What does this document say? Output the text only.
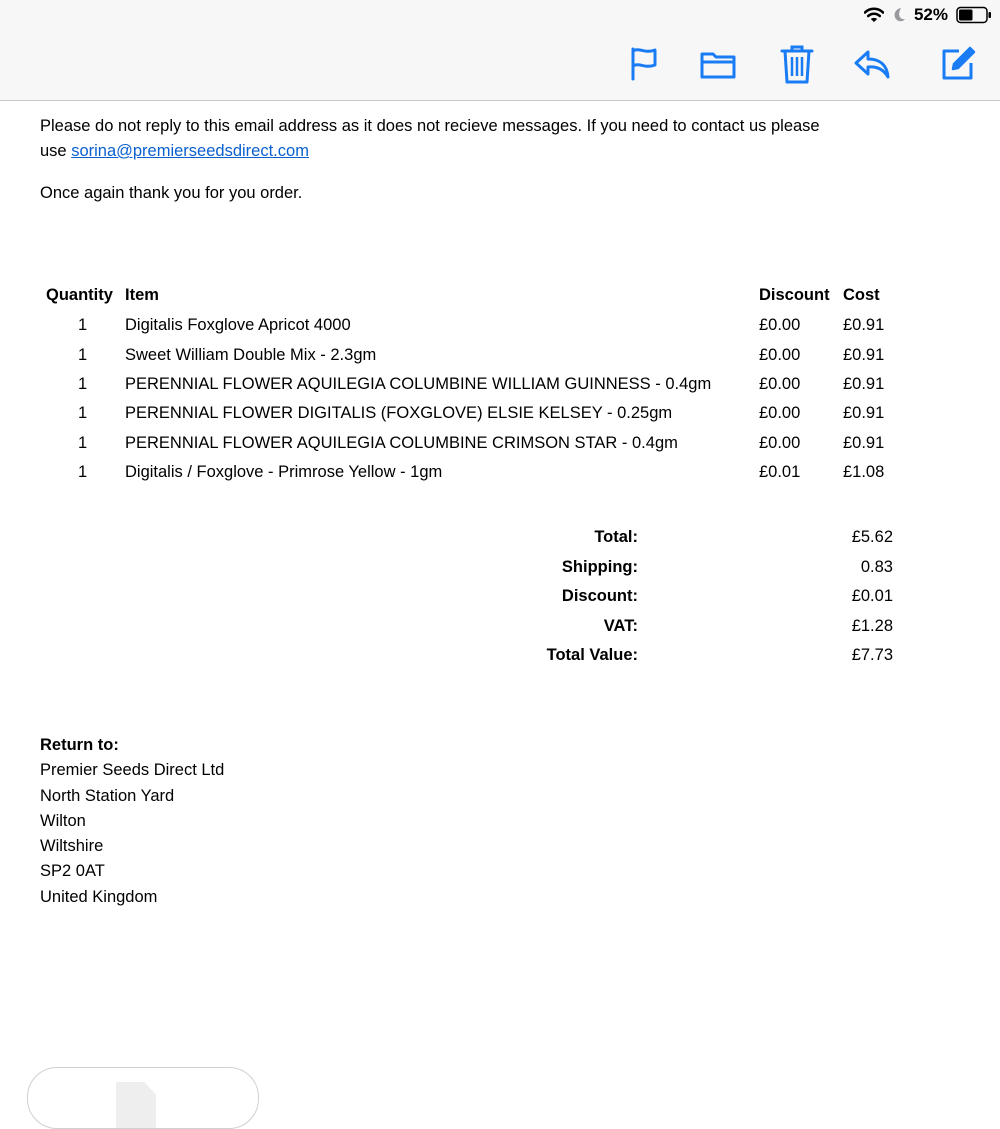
52%
Please do not reply to this email address as it does not recieve messages. If you need to contact us please
use sorina@premierseedsdirect.com
Once again thank you for you order.
Quantity Item	Discount Cost
1 Digitalis Foxglove Apricot 4000	£0.00	£0.91
1 Sweet William Double Mix - 2.3gm	£0.00	£0.91
1 PERENNIAL FLOWER AQUILEGIA COLUMBINE WILLIAM GUINNESS - 0.4gm	£0.00	£0.91
1 PERENNIAL FLOWER DIGITALIS (FOXGLOVE) ELSIE KELSEY - 0.25gm	£0.00	£0.91
1 PERENNIAL FLOWER AQUILEGIA COLUMBINE CRIMSON STAR - 0.4gm	£0.00	£0.91
1 Digitalis / Foxglove - Primrose Yellow - 1gm	£0.01	£1.08
Total:	£5.62
Shipping:	0.83
Discount:	£0.01
VAT:	£1.28
Total Value:	£7.73
Return to:
Premier Seeds Direct Ltd
North Station Yard
Wilton
Wiltshire
SP2 0AT
United Kingdom
